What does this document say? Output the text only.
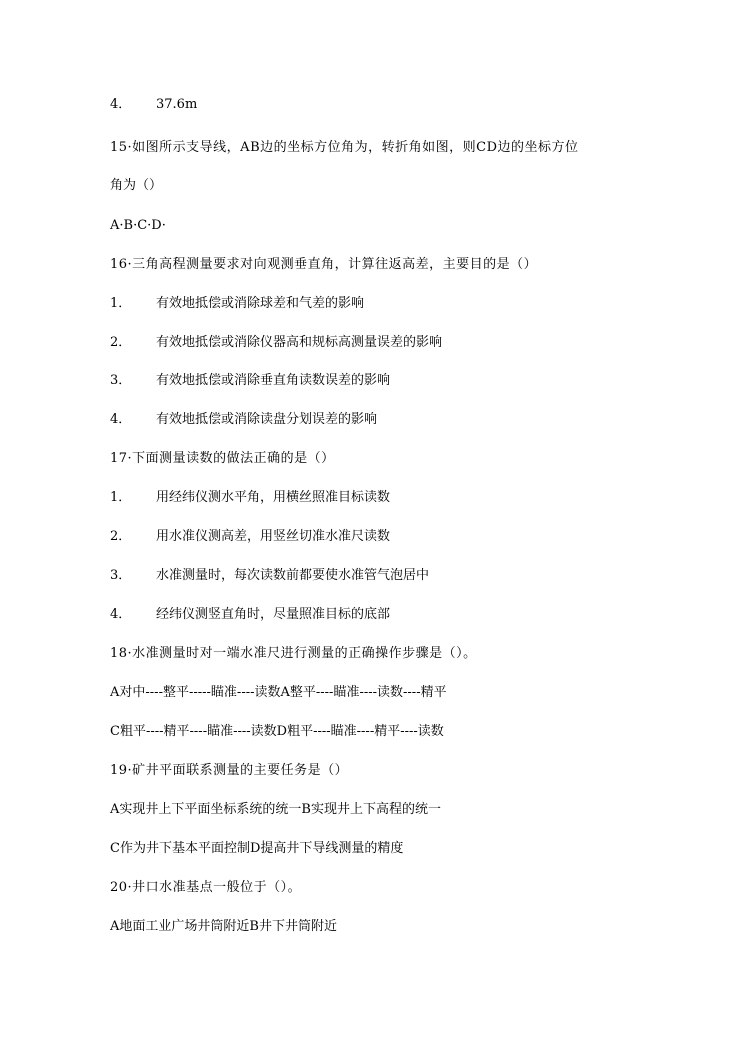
4． 37.6m
15·如图所示支导线，AB边的坐标方位角为，转折角如图，则CD边的坐标方位
角为（）
A·B·C·D·
16·三角高程测量要求对向观测垂直角，计算往返高差，主要目的是（）
1． 有效地抵偿或消除球差和气差的影响
2． 有效地抵偿或消除仪器高和规标高测量误差的影响
3． 有效地抵偿或消除垂直角读数误差的影响
4． 有效地抵偿或消除读盘分划误差的影响
17·下面测量读数的做法正确的是（）
1． 用经纬仪测水平角，用横丝照准目标读数
2． 用水准仪测高差，用竖丝切准水准尺读数
3． 水准测量时，每次读数前都要使水准管气泡居中
4． 经纬仪测竖直角时，尽量照准目标的底部
18·水准测量时对一端水准尺进行测量的正确操作步骤是（）。
A对中----整平-----瞄准----读数A整平----瞄准----读数----精平
C粗平----精平----瞄准----读数D粗平----瞄准----精平----读数
19·矿井平面联系测量的主要任务是（）
A实现井上下平面坐标系统的统一B实现井上下高程的统一
C作为井下基本平面控制D提高井下导线测量的精度
20·井口水准基点一般位于（）。
A地面工业广场井筒附近B井下井筒附近
